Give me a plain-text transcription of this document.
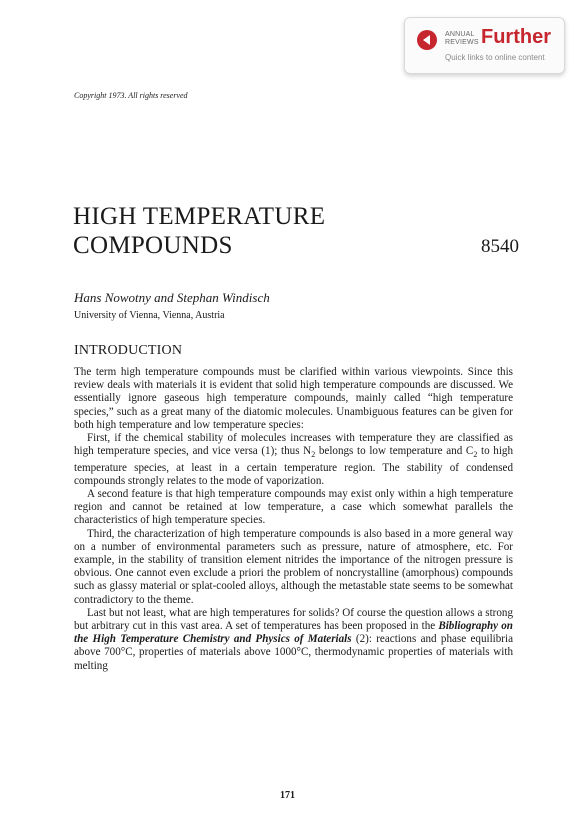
ANNUAL
REVIEWS Further
Quick links to online content
Copyright 1973. All rights reserved
HIGH TEMPERATURE
COMPOUNDS	8540
Hans Nowotny and Stephan Windisch
University of Vienna, Vienna, Austria
INTRODUCTION

The term high temperature compounds must be clarified within various viewpoints. Since this review deals with materials it is evident that solid high temperature compounds are discussed. We essentially ignore gaseous high temperature compounds, mainly called “high temperature species,” such as a great many of the diatomic molecules. Unambiguous features can be given for both high temperature and low temperature species:

First, if the chemical stability of molecules increases with temperature they are classified as high temperature species, and vice versa (1); thus $N_2$ belongs to low temperature and $C_2$ to high temperature species, at least in a certain temperature region. The stability of condensed compounds strongly relates to the mode of vaporization.

A second feature is that high temperature compounds may exist only within a high temperature region and cannot be retained at low temperature, a case which somewhat parallels the characteristics of high temperature species.

Third, the characterization of high temperature compounds is also based in a more general way on a number of environmental parameters such as pressure, nature of atmosphere, etc. For example, in the stability of transition element nitrides the importance of the nitrogen pressure is obvious. One cannot even exclude a priori the problem of noncrystalline (amorphous) compounds such as glassy material or splat-cooled alloys, although the metastable state seems to be somewhat contradictory to the theme.

Last but not least, what are high temperatures for solids? Of course the question allows a strong but arbitrary cut in this vast area. A set of temperatures has been proposed in the Bibliography on the High Temperature Chemistry and Physics of Materials (2): reactions and phase equilibria above 700°C, properties of materials above 1000°C, thermodynamic properties of materials with melting

171
